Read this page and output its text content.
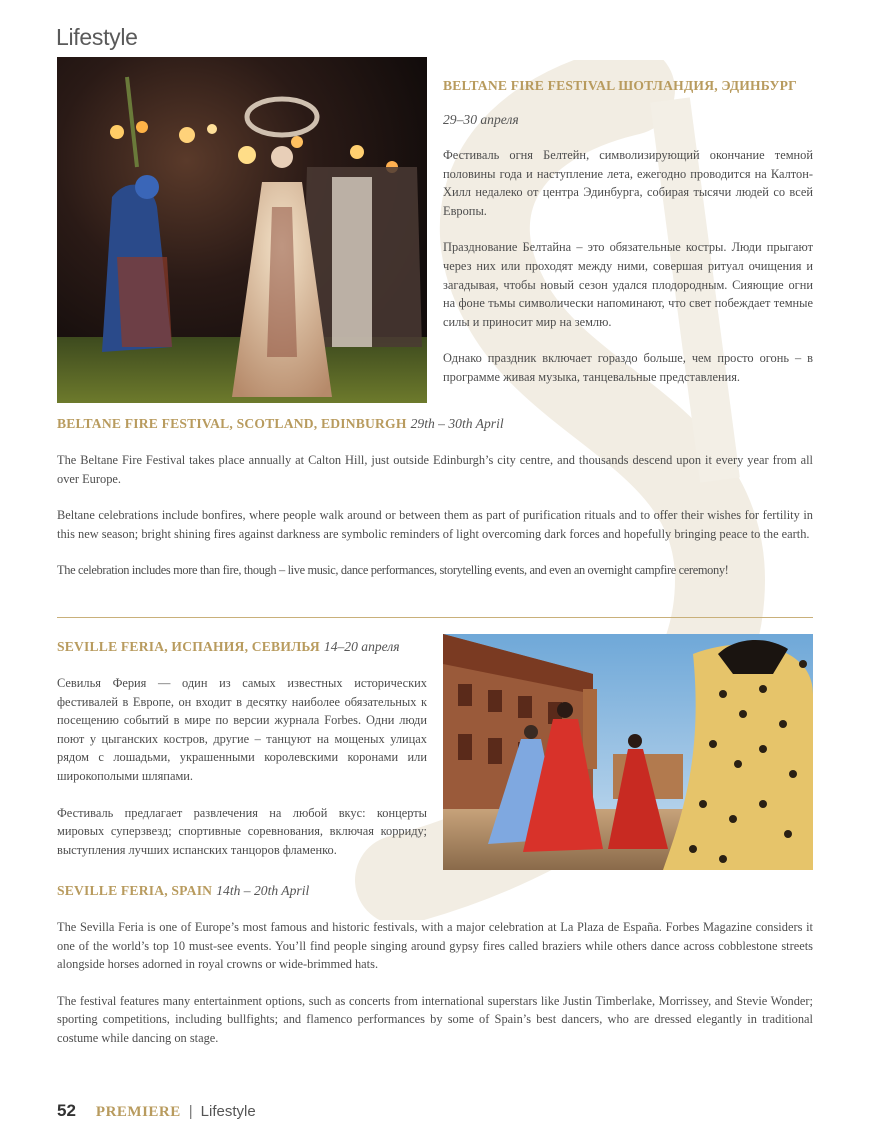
Lifestyle
BELTANE FIRE FESTIVAL ШОТЛАНДИЯ, ЭДИНБУРГ
29–30 апреля

Фестиваль огня Белтейн, символизирующий окончание темной половины года и наступление лета, ежегодно проводится на Калтон-Хилл недалеко от центра Эдинбурга, собирая тысячи людей со всей Европы.

Празднование Белтайна – это обязательные костры. Люди прыгают через них или проходят между ними, совершая ритуал очищения и загадывая, чтобы новый сезон удался плодородным. Сияющие огни на фоне тьмы символически напоминают, что свет побеждает темные силы и приносит мир на землю.

Однако праздник включает гораздо больше, чем просто огонь – в программе живая музыка, танцевальные представления.

BELTANE FIRE FESTIVAL, SCOTLAND, EDINBURGH 29th – 30th April

The Beltane Fire Festival takes place annually at Calton Hill, just outside Edinburgh’s city centre, and thousands descend upon it every year from all over Europe.

Beltane celebrations include bonfires, where people walk around or between them as part of purification rituals and to offer their wishes for fertility in this new season; bright shining fires against darkness are symbolic reminders of light overcoming dark forces and hopefully bringing peace to the earth.

The celebration includes more than fire, though – live music, dance performances, storytelling events, and even an overnight campfire ceremony!

SEVILLE FERIA, ИСПАНИЯ, СЕВИЛЬЯ 14–20 апреля

Севилья Ферия — один из самых известных исторических фестивалей в Европе, он входит в десятку наиболее обязательных к посещению событий в мире по версии журнала Forbes. Одни люди поют у цыганских костров, другие – танцуют на мощеных улицах рядом с лошадьми, украшенными королевскими коронами или широкополыми шляпами.

Фестиваль предлагает развлечения на любой вкус: концерты мировых суперзвезд; спортивные соревнования, включая корриду; выступления лучших испанских танцоров фламенко.

SEVILLE FERIA, SPAIN 14th – 20th April

The Sevilla Feria is one of Europe’s most famous and historic festivals, with a major celebration at La Plaza de España. Forbes Magazine considers it one of the world’s top 10 must-see events. You’ll find people singing around gypsy fires called braziers while others dance across cobblestone streets alongside horses adorned in royal crowns or wide-brimmed hats.

The festival features many entertainment options, such as concerts from international superstars like Justin Timberlake, Morrissey, and Stevie Wonder; sporting competitions, including bullfights; and flamenco performances by some of Spain’s best dancers, who are dressed elegantly in traditional costume while dancing on stage.

52 PREMIERE | Lifestyle
